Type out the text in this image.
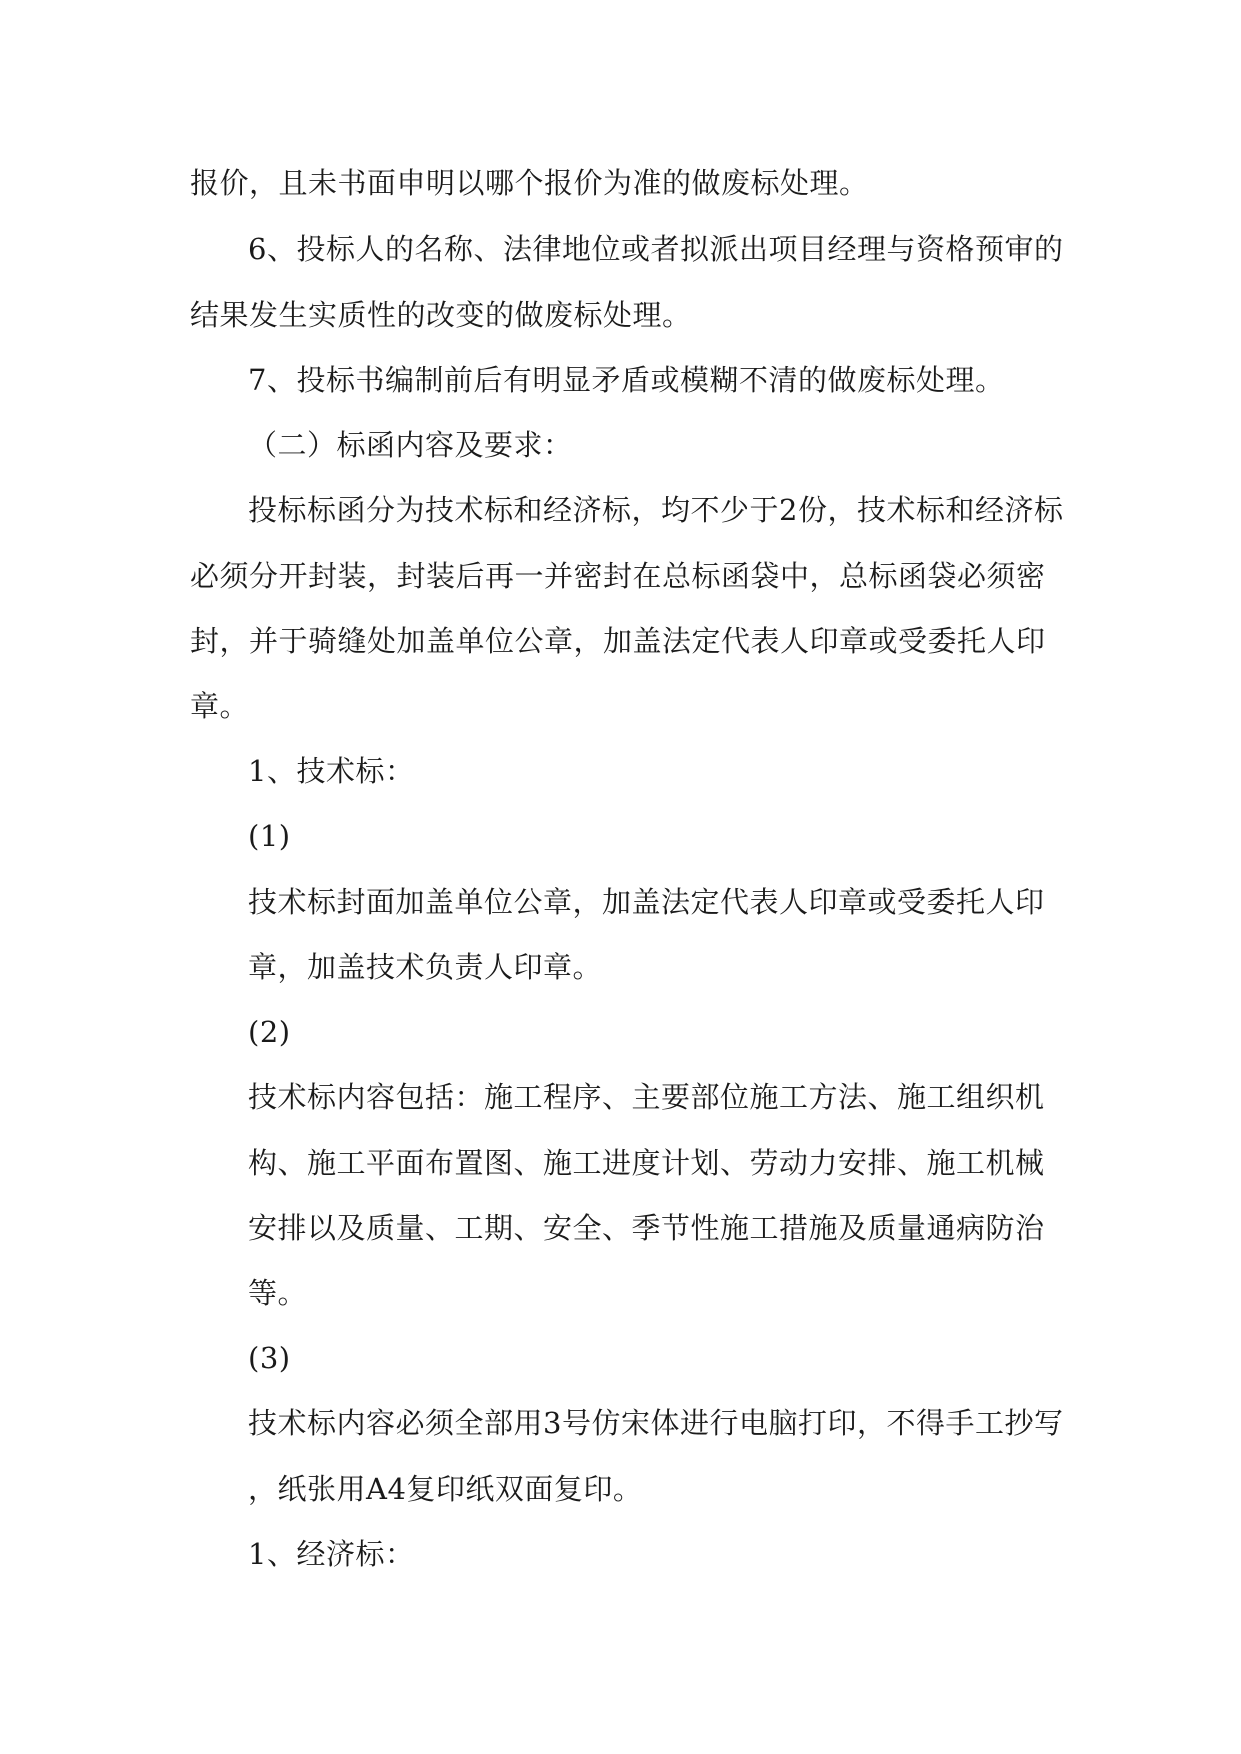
报价，且未书面申明以哪个报价为准的做废标处理。
6、投标人的名称、法律地位或者拟派出项目经理与资格预审的
结果发生实质性的改变的做废标处理。
7、投标书编制前后有明显矛盾或模糊不清的做废标处理。
（二）标函内容及要求：
投标标函分为技术标和经济标，均不少于2份，技术标和经济标
必须分开封装，封装后再一并密封在总标函袋中，总标函袋必须密
封，并于骑缝处加盖单位公章，加盖法定代表人印章或受委托人印
章。
1、技术标：
(1)
技术标封面加盖单位公章，加盖法定代表人印章或受委托人印
章，加盖技术负责人印章。
(2)
技术标内容包括：施工程序、主要部位施工方法、施工组织机
构、施工平面布置图、施工进度计划、劳动力安排、施工机械
安排以及质量、工期、安全、季节性施工措施及质量通病防治
等。
(3)
技术标内容必须全部用3号仿宋体进行电脑打印，不得手工抄写
，纸张用A4复印纸双面复印。
1、经济标：
